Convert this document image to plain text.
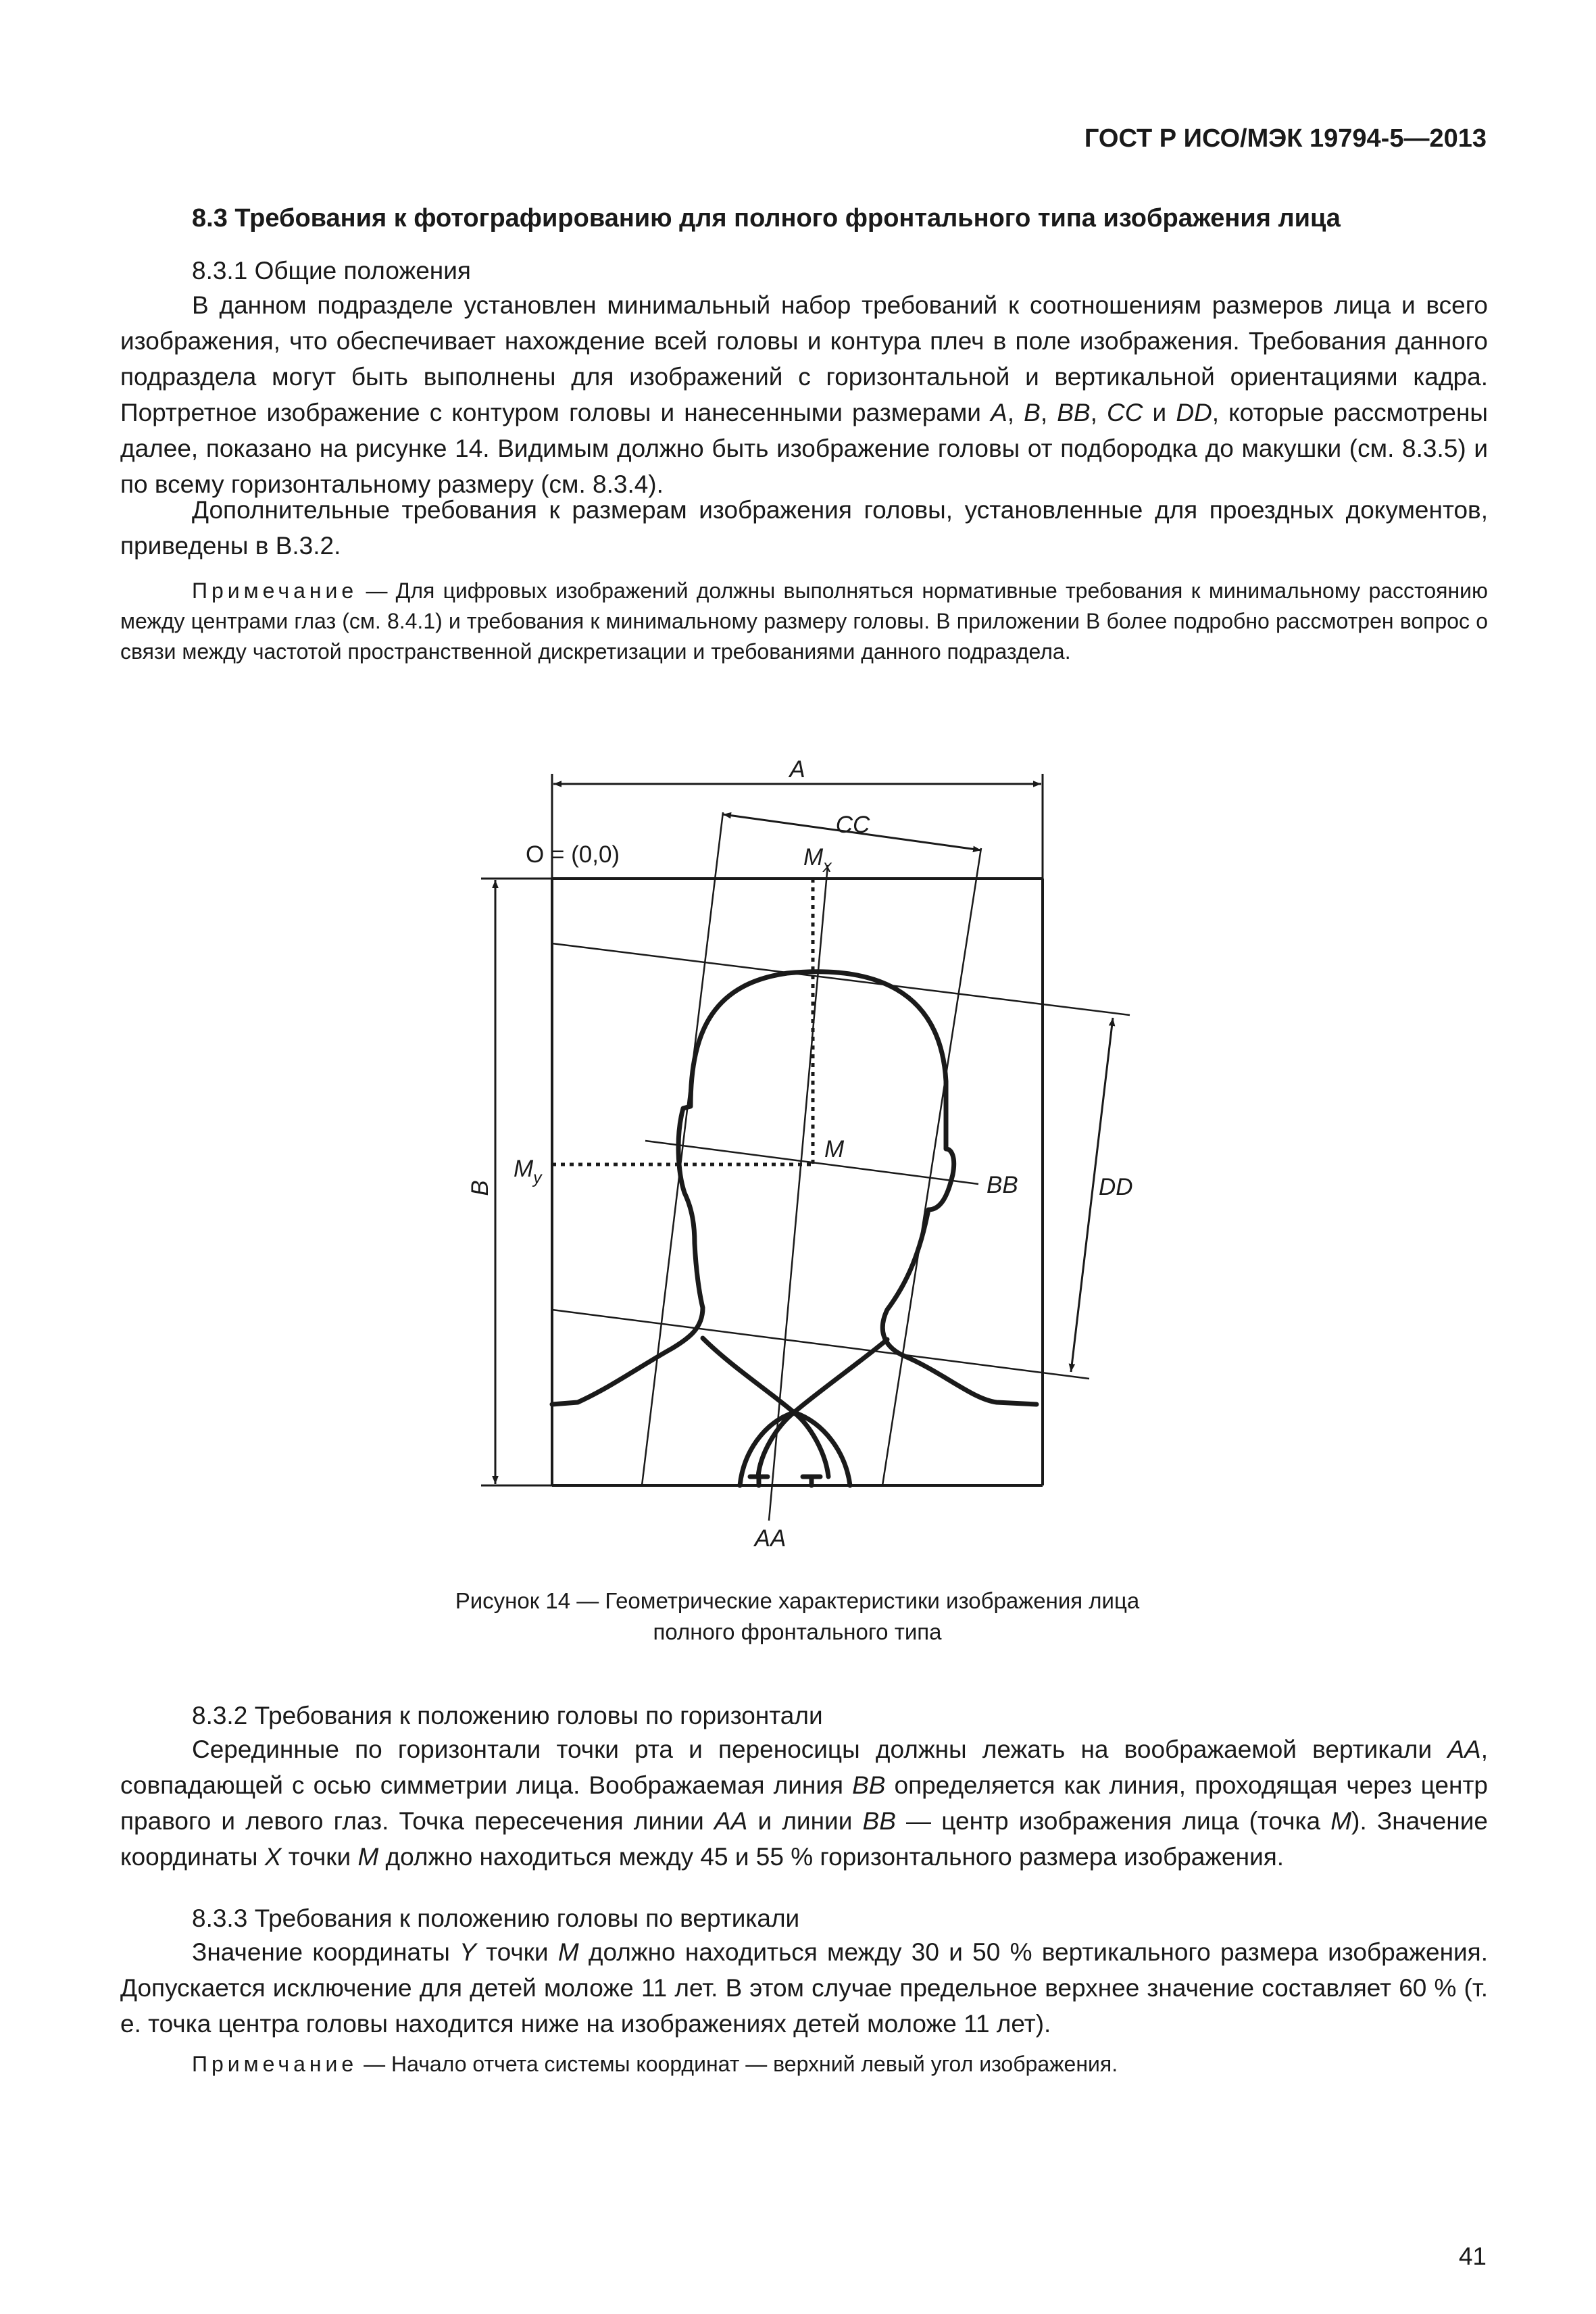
ГОСТ Р ИСО/МЭК 19794-5—2013
8.3 Требования к фотографированию для полного фронтального типа изображения лица
8.3.1 Общие положения
В данном подразделе установлен минимальный набор требований к соотношениям размеров лица и всего изображения, что обеспечивает нахождение всей головы и контура плеч в поле изображения. Требования данного подраздела могут быть выполнены для изображений с горизонтальной и вертикальной ориентациями кадра. Портретное изображение с контуром головы и нанесенными размерами A, B, BB, CC и DD, которые рассмотрены далее, показано на рисунке 14. Видимым должно быть изображение головы от подбородка до макушки (см. 8.3.5) и по всему горизонтальному размеру (см. 8.3.4).
Дополнительные требования к размерам изображения головы, установленные для проездных документов, приведены в В.3.2.
Примечание — Для цифровых изображений должны выполняться нормативные требования к минимальному расстоянию между центрами глаз (см. 8.4.1) и требования к минимальному размеру головы. В приложении В более подробно рассмотрен вопрос о связи между частотой пространственной дискретизации и требованиями данного подраздела.
A
CC
O = (0,0)	$M_x$
M
$M_y$
B	BB	DD
AA
Рисунок 14 — Геометрические характеристики изображения лица
полного фронтального типа
8.3.2 Требования к положению головы по горизонтали
Серединные по горизонтали точки рта и переносицы должны лежать на воображаемой вертикали AA, совпадающей с осью симметрии лица. Воображаемая линия BB определяется как линия, проходящая через центр правого и левого глаз. Точка пересечения линии AA и линии BB — центр изображения лица (точка M). Значение координаты X точки M должно находиться между 45 и 55 % горизонтального размера изображения.
8.3.3 Требования к положению головы по вертикали
Значение координаты Y точки M должно находиться между 30 и 50 % вертикального размера изображения. Допускается исключение для детей моложе 11 лет. В этом случае предельное верхнее значение составляет 60 % (т. е. точка центра головы находится ниже на изображениях детей моложе 11 лет).
Примечание — Начало отчета системы координат — верхний левый угол изображения.
41
